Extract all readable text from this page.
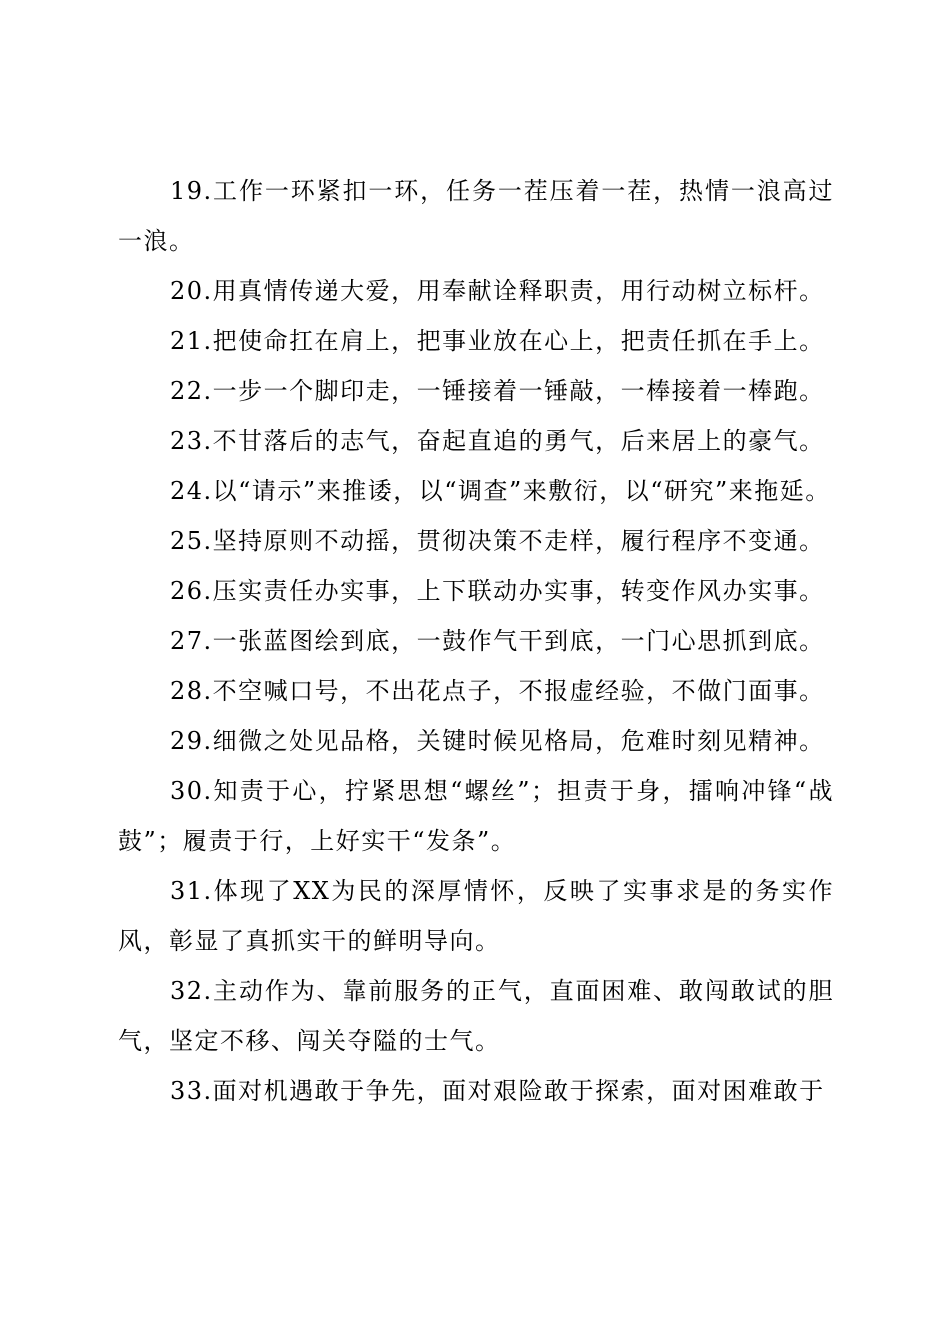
19.工作一环紧扣一环，任务一茬压着一茬，热情一浪高过一浪。

20.用真情传递大爱，用奉献诠释职责，用行动树立标杆。

21.把使命扛在肩上，把事业放在心上，把责任抓在手上。

22.一步一个脚印走，一锤接着一锤敲，一棒接着一棒跑。

23.不甘落后的志气，奋起直追的勇气，后来居上的豪气。

24.以“请示”来推诿，以“调查”来敷衍，以“研究”来拖延。

25.坚持原则不动摇，贯彻决策不走样，履行程序不变通。

26.压实责任办实事，上下联动办实事，转变作风办实事。

27.一张蓝图绘到底，一鼓作气干到底，一门心思抓到底。

28.不空喊口号，不出花点子，不报虚经验，不做门面事。

29.细微之处见品格，关键时候见格局，危难时刻见精神。

30.知责于心，拧紧思想“螺丝”；担责于身，擂响冲锋“战鼓”；履责于行，上好实干“发条”。

31.体现了XX为民的深厚情怀，反映了实事求是的务实作风，彰显了真抓实干的鲜明导向。

32.主动作为、靠前服务的正气，直面困难、敢闯敢试的胆气，坚定不移、闯关夺隘的士气。

33.面对机遇敢于争先，面对艰险敢于探索，面对困难敢于
